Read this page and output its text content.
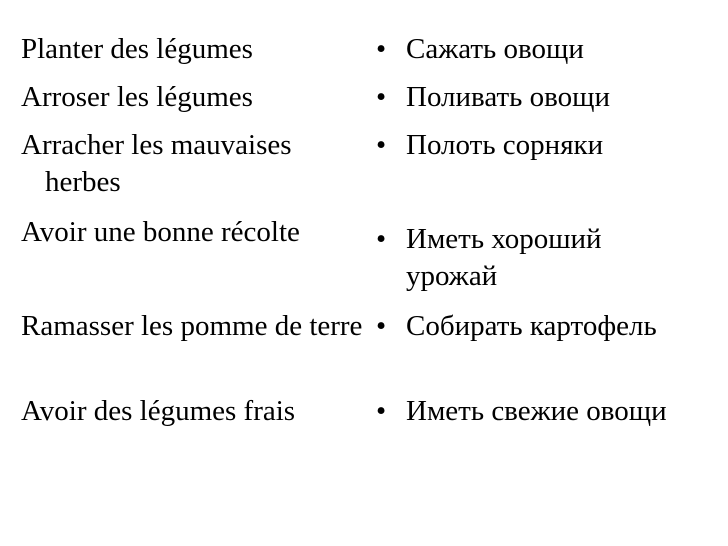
Planter des légumes
Arroser les légumes
Arracher les mauvaises herbes
Avoir une bonne récolte
Ramasser les pomme de terre
Avoir des légumes frais
• Сажать овощи
• Поливать овощи
• Полоть сорняки
• Иметь хороший урожай
• Собирать картофель
• Иметь свежие овощи
